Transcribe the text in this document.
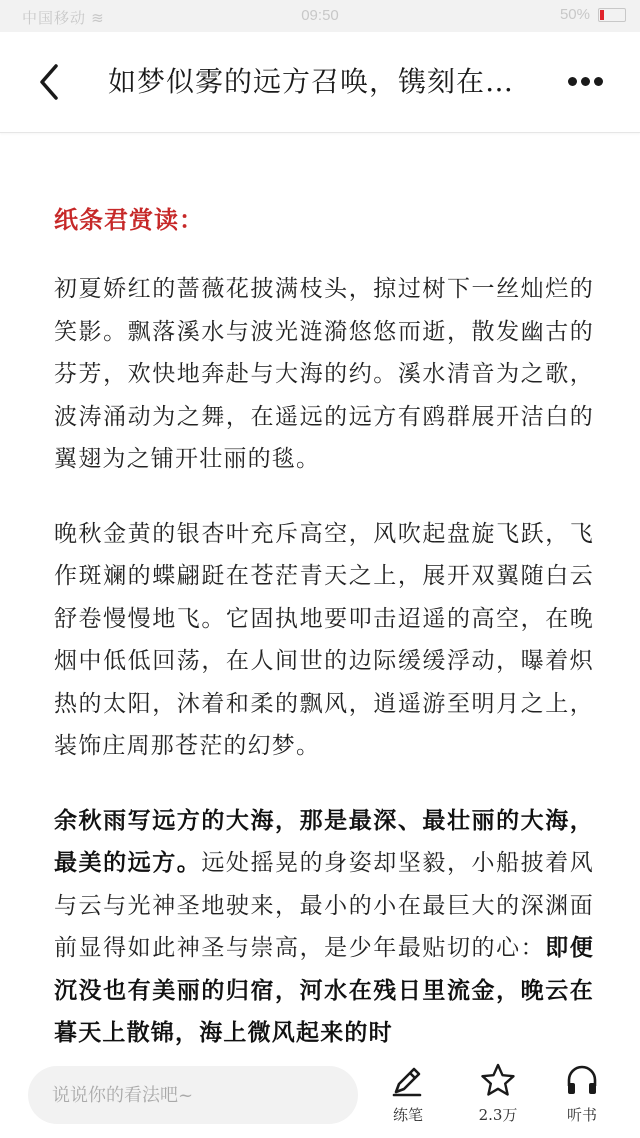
中国移动 ≋	09:50	50%
如梦似雾的远方召唤，镌刻在…
纸条君赏读：

初夏娇红的蔷薇花披满枝头，掠过树下一丝灿烂的笑影。飘落溪水与波光涟漪悠悠而逝，散发幽古的芬芳，欢快地奔赴与大海的约。溪水清音为之歌，波涛涌动为之舞，在遥远的远方有鸥群展开洁白的翼翅为之铺开壮丽的毯。

晚秋金黄的银杏叶充斥高空，风吹起盘旋飞跃，飞作斑斓的蝶翩跹在苍茫青天之上，展开双翼随白云舒卷慢慢地飞。它固执地要叩击迢遥的高空，在晚烟中低低回荡，在人间世的边际缓缓浮动，曝着炽热的太阳，沐着和柔的飘风，逍遥游至明月之上，装饰庄周那苍茫的幻梦。

余秋雨写远方的大海，那是最深、最壮丽的大海，最美的远方。远处摇晃的身姿却坚毅，小船披着风与云与光神圣地驶来，最小的小在最巨大的深渊面前显得如此神圣与崇高，是少年最贴切的心：即便沉没也有美丽的归宿，河水在残日里流金，晚云在暮天上散锦，海上微风起来的时

说说你的看法吧~
练笔	2.3万	听书
